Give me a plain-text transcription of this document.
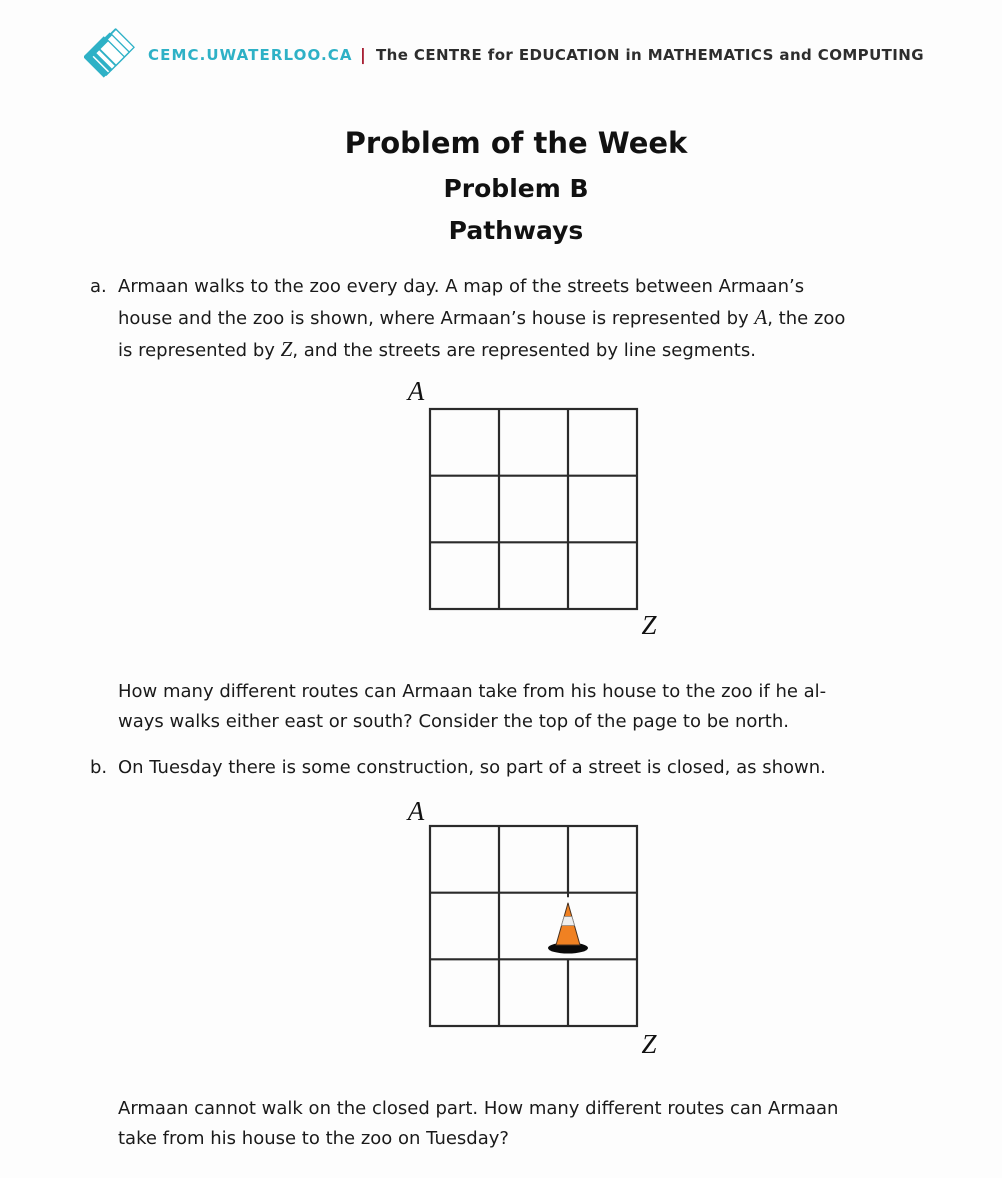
CEMC.UWATERLOO.CA | The CENTRE for EDUCATION in MATHEMATICS and COMPUTING
Problem of the Week
Problem B
Pathways
a. Armaan walks to the zoo every day. A map of the streets between Armaan’s
house and the zoo is shown, where Armaan’s house is represented by A, the zoo
is represented by Z, and the streets are represented by line segments.
A
Z
How many different routes can Armaan take from his house to the zoo if he al-
ways walks either east or south? Consider the top of the page to be north.
b. On Tuesday there is some construction, so part of a street is closed, as shown.
A
Z
Armaan cannot walk on the closed part. How many different routes can Armaan
take from his house to the zoo on Tuesday?
